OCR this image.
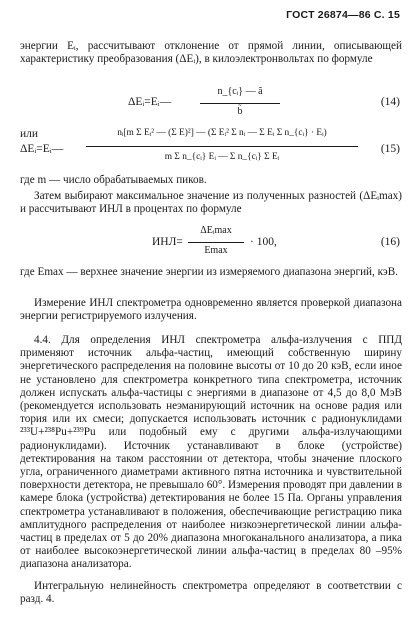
ГОСТ 26874—86 С. 15
энергии Eᵢ, рассчитывают отклонение от прямой линии, описывающей характеристику преобразования (ΔEᵢ), в килоэлектронвольтах по формуле
ΔEᵢ=Eᵢ—
n_{cᵢ} — ã
b̃
(14)
или
ΔEᵢ=Eᵢ—
nᵢ[m Σ Eᵢ² — (Σ E)²] — (Σ Eᵢ² Σ nᵢ — Σ Eᵢ Σ n_{cᵢ} · Eᵢ)
m Σ n_{cᵢ} Eᵢ — Σ n_{cᵢ} Σ Eᵢ
(15)
где m — число обрабатываемых пиков.
Затем выбирают максимальное значение из полученных разностей (ΔEᵢmax) и рассчитывают ИНЛ в процентах по формуле
ИНЛ=
ΔEᵢmax
Emax
· 100,	(16)
где Emax — верхнее значение энергии из измеряемого диапазона энергий, кэВ.
Измерение ИНЛ спектрометра одновременно является проверкой диапазона энергии регистрируемого излучения.
4.4. Для определения ИНЛ спектрометра альфа-излучения с ППД применяют источник альфа-частиц, имеющий собственную ширину энергетического распределения на половине высоты от 10 до 20 кэВ, если иное не установлено для спектрометра конкретного типа спектрометра, источник должен испускать альфа-частицы с энергиями в диапазоне от 4,5 до 8,0 МэВ (рекомендуется использовать неэманирующий источник на основе радия или тория или их смеси; допускается использовать источник с радионуклидами ²³³U+²³⁸Pu+²³⁹Pu или подобный ему с другими альфа-излучающими радионуклидами). Источник устанавливают в блоке (устройстве) детектирования на таком расстоянии от детектора, чтобы значение плоского угла, ограниченного диаметрами активного пятна источника и чувствительной поверхности детектора, не превышало 60°. Измерения проводят при давлении в камере блока (устройства) детектирования не более 15 Па. Органы управления спектрометра устанавливают в положения, обеспечивающие регистрацию пика амплитудного распределения от наиболее низкоэнергетической линии альфа-частиц в пределах от 5 до 20% диапазона многоканального анализатора, а пика от наиболее высокоэнергетической линии альфа-частиц в пределах 80 –95% диапазона анализатора.
Интегральную нелинейность спектрометра определяют в соответствии с разд. 4.
